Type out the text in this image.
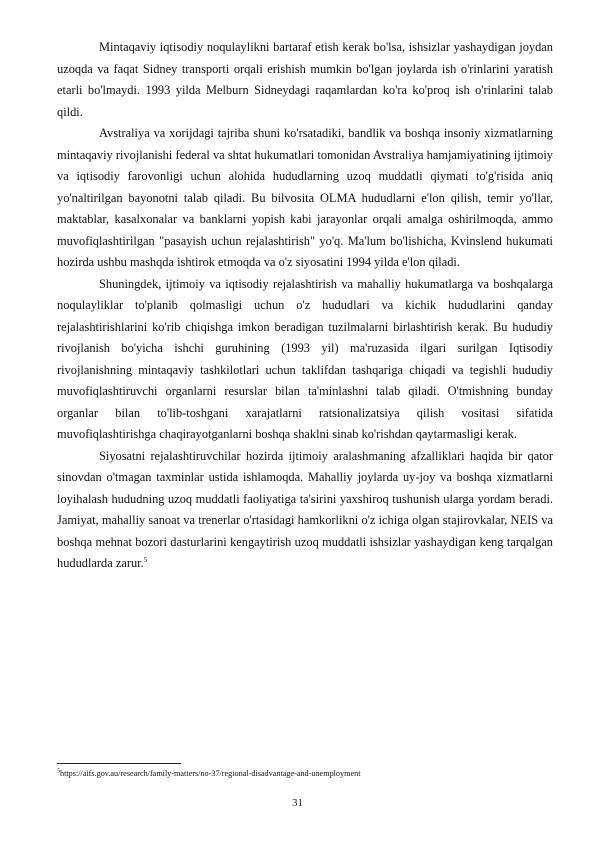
Mintaqaviy iqtisodiy noqulaylikni bartaraf etish kerak bo'lsa, ishsizlar yashaydigan joydan uzoqda va faqat Sidney transporti orqali erishish mumkin bo'lgan joylarda ish o'rinlarini yaratish etarli bo'lmaydi. 1993 yilda Melburn Sidneydagi raqamlardan ko'ra ko'proq ish o'rinlarini talab qildi.

Avstraliya va xorijdagi tajriba shuni ko'rsatadiki, bandlik va boshqa insoniy xizmatlarning mintaqaviy rivojlanishi federal va shtat hukumatlari tomonidan Avstraliya hamjamiyatining ijtimoiy va iqtisodiy farovonligi uchun alohida hududlarning uzoq muddatli qiymati to'g'risida aniq yo'naltirilgan bayonotni talab qiladi. Bu bilvosita OLMA hududlarni e'lon qilish, temir yo'llar, maktablar, kasalxonalar va banklarni yopish kabi jarayonlar orqali amalga oshirilmoqda, ammo muvofiqlashtirilgan "pasayish uchun rejalashtirish" yo'q. Ma'lum bo'lishicha, Kvinslend hukumati hozirda ushbu mashqda ishtirok etmoqda va o'z siyosatini 1994 yilda e'lon qiladi.

Shuningdek, ijtimoiy va iqtisodiy rejalashtirish va mahalliy hukumatlarga va boshqalarga noqulayliklar to'planib qolmasligi uchun o'z hududlari va kichik hududlarini qanday rejalashtirishlarini ko'rib chiqishga imkon beradigan tuzilmalarni birlashtirish kerak. Bu hududiy rivojlanish bo'yicha ishchi guruhining (1993 yil) ma'ruzasida ilgari surilgan Iqtisodiy rivojlanishning mintaqaviy tashkilotlari uchun taklifdan tashqariga chiqadi va tegishli hududiy muvofiqlashtiruvchi organlarni resurslar bilan ta'minlashni talab qiladi. O'tmishning bunday organlar bilan to'lib-toshgani xarajatlarni ratsionalizatsiya qilish vositasi sifatida muvofiqlashtirishga chaqirayotganlarni boshqa shaklni sinab ko'rishdan qaytarmasligi kerak.

Siyosatni rejalashtiruvchilar hozirda ijtimoiy aralashmaning afzalliklari haqida bir qator sinovdan o'tmagan taxminlar ustida ishlamoqda. Mahalliy joylarda uy-joy va boshqa xizmatlarni loyihalash hududning uzoq muddatli faoliyatiga ta'sirini yaxshiroq tushunish ularga yordam beradi. Jamiyat, mahalliy sanoat va trenerlar o'rtasidagi hamkorlikni o'z ichiga olgan stajirovkalar, NEIS va boshqa mehnat bozori dasturlarini kengaytirish uzoq muddatli ishsizlar yashaydigan keng tarqalgan hududlarda zarur.$^5$

$^5$https://aifs.gov.au/research/family-matters/no-37/regional-disadvantage-and-unemployment
31
